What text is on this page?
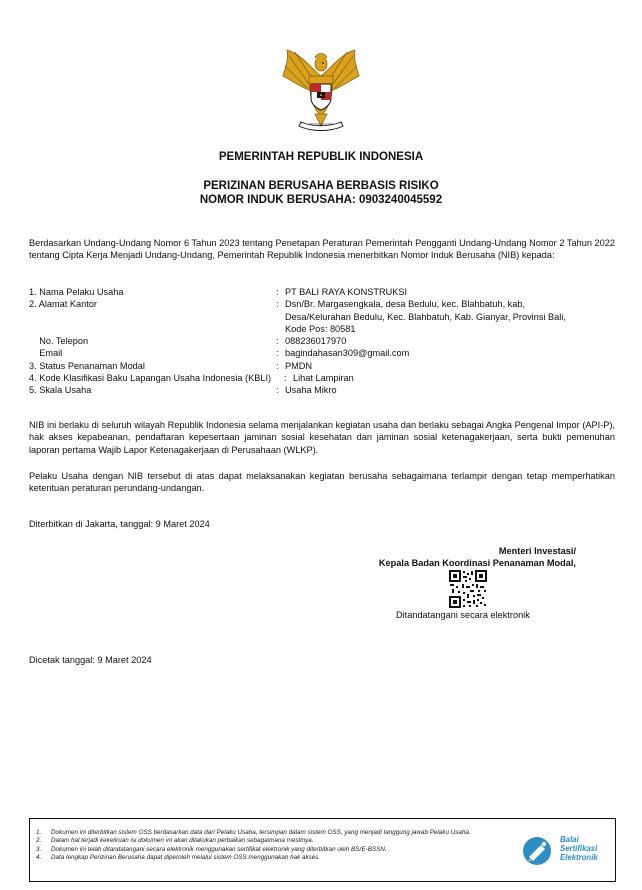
PEMERINTAH REPUBLIK INDONESIA
PERIZINAN BERUSAHA BERBASIS RISIKO
NOMOR INDUK BERUSAHA: 0903240045592
Berdasarkan Undang-Undang Nomor 6 Tahun 2023 tentang Penetapan Peraturan Pemerintah Pengganti Undang-Undang Nomor 2 Tahun 2022 tentang Cipta Kerja Menjadi Undang-Undang, Pemerintah Republik Indonesia menerbitkan Nomor Induk Berusaha (NIB) kepada:
1. Nama Pelaku Usaha	: PT BALI RAYA KONSTRUKSI
2. Alamat Kantor	: Dsn/Br. Margasengkala, desa Bedulu, kec. Blahbatuh, kab, Desa/Kelurahan Bedulu, Kec. Blahbatuh, Kab. Gianyar, Provinsi Bali, Kode Pos: 80581
No. Telepon	: 088236017970
Email	: bagindahasan309@gmail.com
3. Status Penanaman Modal	: PMDN
4. Kode Klasifikasi Baku Lapangan Usaha Indonesia (KBLI)	: Lihat Lampiran
5. Skala Usaha	: Usaha Mikro
NIB ini berlaku di seluruh wilayah Republik Indonesia selama menjalankan kegiatan usaha dan berlaku sebagai Angka Pengenal Impor (API-P), hak akses kepabeanan, pendaftaran kepesertaan jaminan sosial kesehatan dan jaminan sosial ketenagakerjaan, serta bukti pemenuhan laporan pertama Wajib Lapor Ketenagakerjaan di Perusahaan (WLKP).
Pelaku Usaha dengan NIB tersebut di atas dapat melaksanakan kegiatan berusaha sebagaimana terlampir dengan tetap memperhatikan ketentuan peraturan perundang-undangan.
Diterbitkan di Jakarta, tanggal: 9 Maret 2024
Menteri Investasi/
Kepala Badan Koordinasi Penanaman Modal,
Ditandatangani secara elektronik
Dicetak tanggal: 9 Maret 2024
1.	Dokumen ini diterbitkan sistem OSS berdasarkan data dari Pelaku Usaha, tersimpan dalam sistem OSS, yang menjadi tanggung jawab Pelaku Usaha.
2.	Dalam hal terjadi kekeliruan isi dokumen ini akan dilakukan perbaikan sebagaimana mestinya.
3.	Dokumen ini telah ditandatangani secara elektronik menggunakan sertifikat elektronik yang diterbitkan oleh BSrE-BSSN.
4.	Data lengkap Perizinan Berusaha dapat diperoleh melalui sistem OSS menggunakan hak akses.
Balai
Sertifikasi
Elektronik
